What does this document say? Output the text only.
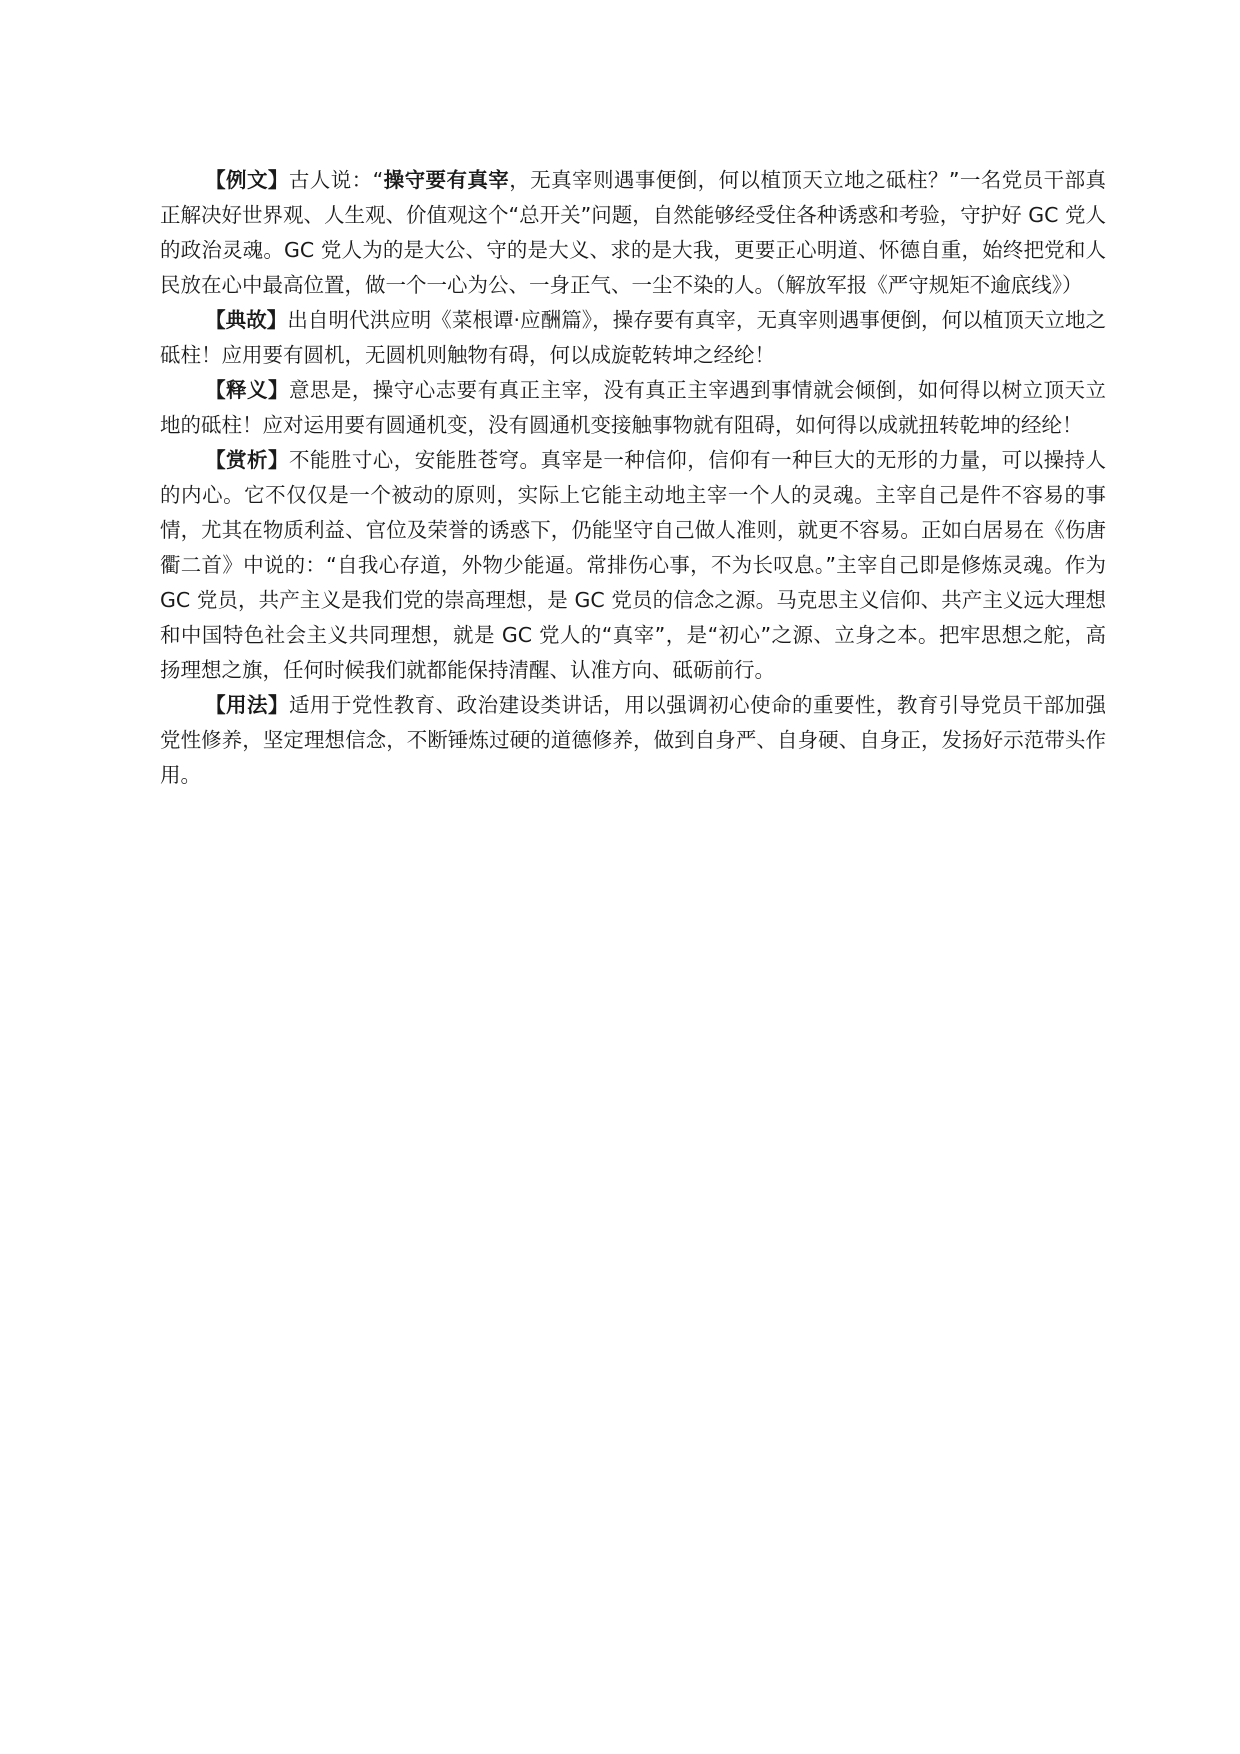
【例文】古人说：“操守要有真宰，无真宰则遇事便倒，何以植顶天立地之砥柱？”一名党员干部真正解决好世界观、人生观、价值观这个“总开关”问题，自然能够经受住各种诱惑和考验，守护好 GC 党人的政治灵魂。GC 党人为的是大公、守的是大义、求的是大我，更要正心明道、怀德自重，始终把党和人民放在心中最高位置，做一个一心为公、一身正气、一尘不染的人。（解放军报《严守规矩不逾底线》）

【典故】出自明代洪应明《菜根谭·应酬篇》，操存要有真宰，无真宰则遇事便倒，何以植顶天立地之砥柱！应用要有圆机，无圆机则触物有碍，何以成旋乾转坤之经纶！

【释义】意思是，操守心志要有真正主宰，没有真正主宰遇到事情就会倾倒，如何得以树立顶天立地的砥柱！应对运用要有圆通机变，没有圆通机变接触事物就有阻碍，如何得以成就扭转乾坤的经纶！

【赏析】不能胜寸心，安能胜苍穹。真宰是一种信仰，信仰有一种巨大的无形的力量，可以操持人的内心。它不仅仅是一个被动的原则，实际上它能主动地主宰一个人的灵魂。主宰自己是件不容易的事情，尤其在物质利益、官位及荣誉的诱惑下，仍能坚守自己做人准则，就更不容易。正如白居易在《伤唐衢二首》中说的：“自我心存道，外物少能逼。常排伤心事，不为长叹息。”主宰自己即是修炼灵魂。作为 GC 党员，共产主义是我们党的崇高理想，是 GC 党员的信念之源。马克思主义信仰、共产主义远大理想和中国特色社会主义共同理想，就是 GC 党人的“真宰”，是“初心”之源、立身之本。把牢思想之舵，高扬理想之旗，任何时候我们就都能保持清醒、认准方向、砥砺前行。

【用法】适用于党性教育、政治建设类讲话，用以强调初心使命的重要性，教育引导党员干部加强党性修养，坚定理想信念，不断锤炼过硬的道德修养，做到自身严、自身硬、自身正，发扬好示范带头作用。
